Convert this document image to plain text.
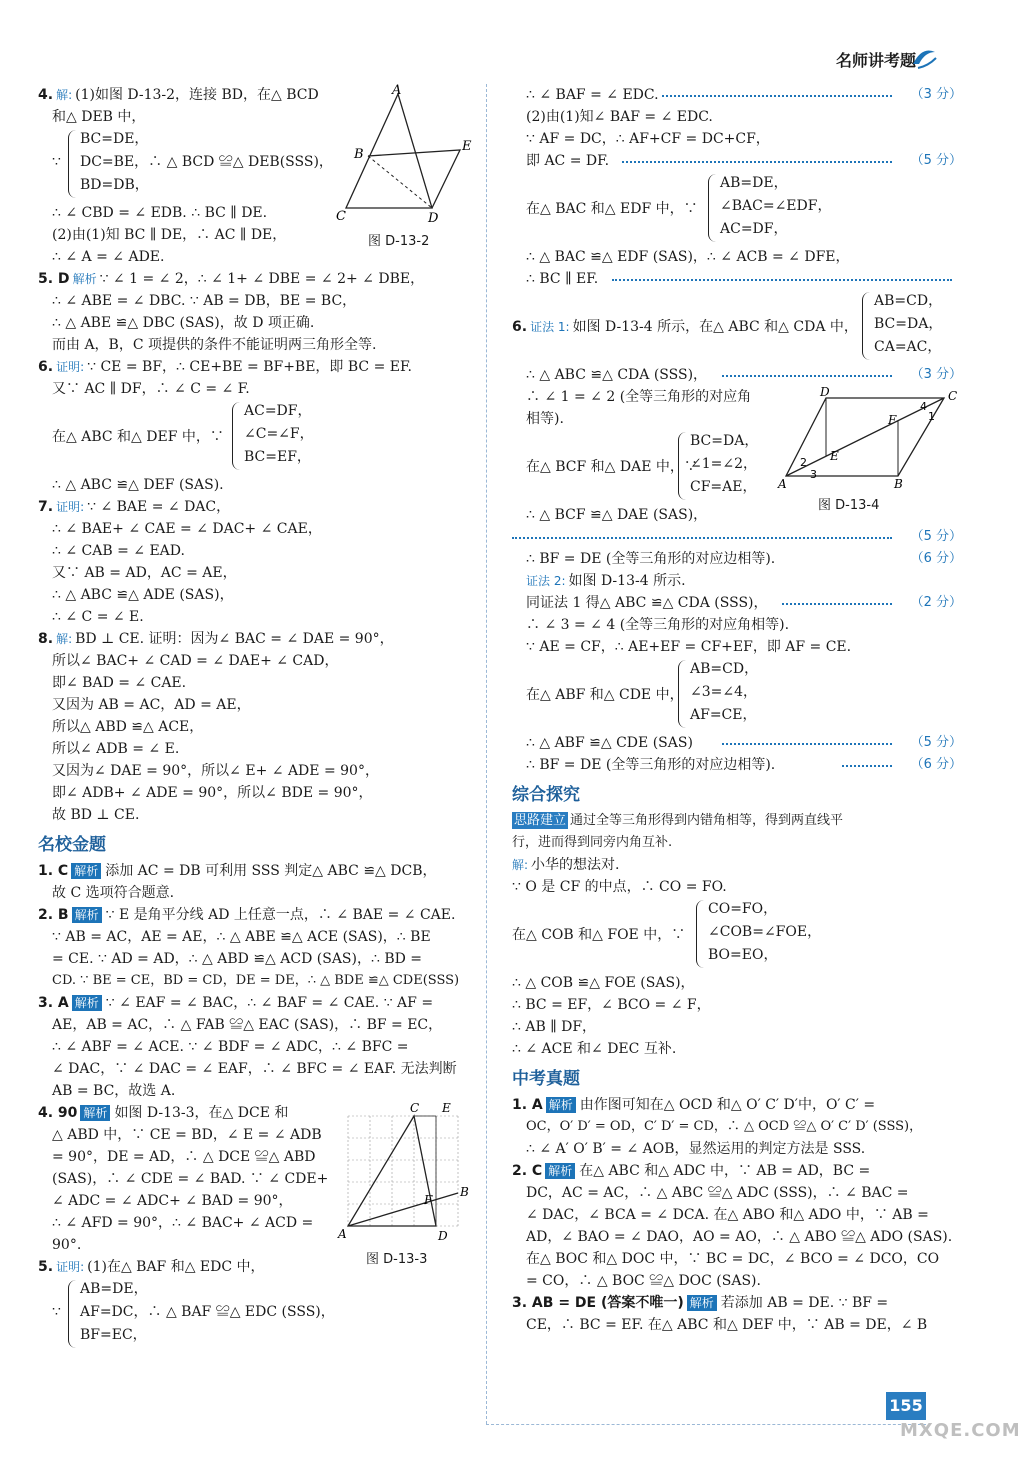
名师讲考题
4. 解: (1)如图 D-13-2，连接 BD，在△ BCD
和△ DEB 中，
∵
BC=DE，
DC=BE，∴ △ BCD ≌△ DEB(SSS)，
BD=DB，
∴ ∠ CBD = ∠ EDB. ∴ BC ∥ DE.
(2)由(1)知 BC ∥ DE，∴ AC ∥ DE，
∴ ∠ A = ∠ ADE.
A
B
C	D
E
图 D-13-2
5. D 解析 ∵ ∠ 1 = ∠ 2，∴ ∠ 1+ ∠ DBE = ∠ 2+ ∠ DBE，
∴ ∠ ABE = ∠ DBC. ∵ AB = DB，BE = BC，
∴ △ ABE ≌△ DBC (SAS)，故 D 项正确.
而由 A，B，C 项提供的条件不能证明两三角形全等.
6. 证明: ∵ CE = BF，∴ CE+BE = BF+BE，即 BC = EF.
又∵ AC ∥ DF，∴ ∠ C = ∠ F.
在△ ABC 和△ DEF 中，∵
AC=DF，
∠C=∠F，
BC=EF，
∴ △ ABC ≌△ DEF (SAS).
7. 证明: ∵ ∠ BAE = ∠ DAC，
∴ ∠ BAE+ ∠ CAE = ∠ DAC+ ∠ CAE，
∴ ∠ CAB = ∠ EAD.
又∵ AB = AD，AC = AE，
∴ △ ABC ≌△ ADE (SAS)，
∴ ∠ C = ∠ E.
8. 解: BD ⊥ CE. 证明：因为∠ BAC = ∠ DAE = 90°，
所以∠ BAC+ ∠ CAD = ∠ DAE+ ∠ CAD，
即∠ BAD = ∠ CAE.
又因为 AB = AC，AD = AE，
所以△ ABD ≌△ ACE，
所以∠ ADB = ∠ E.
又因为∠ DAE = 90°，所以∠ E+ ∠ ADE = 90°，
即∠ ADB+ ∠ ADE = 90°，所以∠ BDE = 90°，
故 BD ⊥ CE.
名校金题
1. C 解析 添加 AC = DB 可利用 SSS 判定△ ABC ≌△ DCB，
故 C 选项符合题意.
2. B 解析 ∵ E 是角平分线 AD 上任意一点，∴ ∠ BAE = ∠ CAE.
∵ AB = AC，AE = AE，∴ △ ABE ≌△ ACE (SAS)，∴ BE
= CE. ∵ AD = AD，∴ △ ABD ≌△ ACD (SAS)，∴ BD =
CD. ∵ BE = CE，BD = CD，DE = DE，∴ △ BDE ≌△ CDE(SSS)
3. A 解析 ∵ ∠ EAF = ∠ BAC，∴ ∠ BAF = ∠ CAE. ∵ AF =
AE，AB = AC，∴ △ FAB ≌△ EAC (SAS)，∴ BF = EC，
∴ ∠ ABF = ∠ ACE. ∵ ∠ BDF = ∠ ADC，∴ ∠ BFC =
∠ DAC，∵ ∠ DAC = ∠ EAF，∴ ∠ BFC = ∠ EAF. 无法判断
AB = BC，故选 A.
4. 90 解析 如图 D-13-3，在△ DCE 和
△ ABD 中，∵ CE = BD，∠ E = ∠ ADB
= 90°，DE = AD，∴ △ DCE ≌△ ABD
(SAS)，∴ ∠ CDE = ∠ BAD. ∵ ∠ CDE+
∠ ADC = ∠ ADC+ ∠ BAD = 90°，
∴ ∠ AFD = 90°，∴ ∠ BAC+ ∠ ACD =
90°.
C E
B
A	D
F
图 D-13-3
5. 证明: (1)在△ BAF 和△ EDC 中，
∵
AB=DE，
AF=DC，∴ △ BAF ≌△ EDC (SSS)，
BF=EC，
∴ ∠ BAF = ∠ EDC.	（3 分）
(2)由(1)知∠ BAF = ∠ EDC.
∵ AF = DC，∴ AF+CF = DC+CF，
即 AC = DF.	（5 分）
在△ BAC 和△ EDF 中，∵
AB=DE，
∠BAC=∠EDF，
AC=DF，
∴ △ BAC ≌△ EDF (SAS)，∴ ∠ ACB = ∠ DFE，
∴ BC ∥ EF.
6. 证法 1: 如图 D-13-4 所示，在△ ABC 和△ CDA 中，
AB=CD，
BC=DA，
CA=AC，
∴ △ ABC ≌△ CDA (SSS)，	（3 分）
∴ ∠ 1 = ∠ 2 (全等三角形的对应角
相等).
在△ BCF 和△ DAE 中，∵
BC=DA，
∠1=∠2，
CF=AE，
∴ △ BCF ≌△ DAE (SAS)，
（5 分）
∴ BF = DE (全等三角形的对应边相等).	（6 分）
证法 2: 如图 D-13-4 所示.
同证法 1 得△ ABC ≌△ CDA (SSS)，	（2 分）
∴ ∠ 3 = ∠ 4 (全等三角形的对应角相等).
∵ AE = CF，∴ AE+EF = CF+EF，即 AF = CE.
在△ ABF 和△ CDE 中，
AB=CD，
∠3=∠4，
AF=CE，
∴ △ ABF ≌△ CDE (SAS)	（5 分）
∴ BF = DE (全等三角形的对应边相等).	（6 分）
D	C
A	B
E
F	1
2
3
4
图 D-13-4
综合探究
思路建立 通过全等三角形得到内错角相等，得到两直线平
行，进而得到同旁内角互补.
解: 小华的想法对.
∵ O 是 CF 的中点，∴ CO = FO.
在△ COB 和△ FOE 中，∵
CO=FO，
∠COB=∠FOE，
BO=EO，
∴ △ COB ≌△ FOE (SAS)，
∴ BC = EF，∠ BCO = ∠ F，
∴ AB ∥ DF，
∴ ∠ ACE 和∠ DEC 互补.
中考真题
1. A 解析 由作图可知在△ OCD 和△ O′ C′ D′中，O′ C′ =
OC，O′ D′ = OD，C′ D′ = CD，∴ △ OCD ≌△ O′ C′ D′ (SSS)，
∴ ∠ A′ O′ B′ = ∠ AOB，显然运用的判定方法是 SSS.
2. C 解析 在△ ABC 和△ ADC 中，∵ AB = AD，BC =
DC，AC = AC，∴ △ ABC ≌△ ADC (SSS)，∴ ∠ BAC =
∠ DAC，∠ BCA = ∠ DCA. 在△ ABO 和△ ADO 中，∵ AB =
AD，∠ BAO = ∠ DAO，AO = AO，∴ △ ABO ≌△ ADO (SAS).
在△ BOC 和△ DOC 中，∵ BC = DC，∠ BCO = ∠ DCO，CO
= CO，∴ △ BOC ≌△ DOC (SAS).
3. AB = DE (答案不唯一) 解析 若添加 AB = DE. ∵ BF =
CE，∴ BC = EF. 在△ ABC 和△ DEF 中，∵ AB = DE，∠ B
155
MXQE.COM
